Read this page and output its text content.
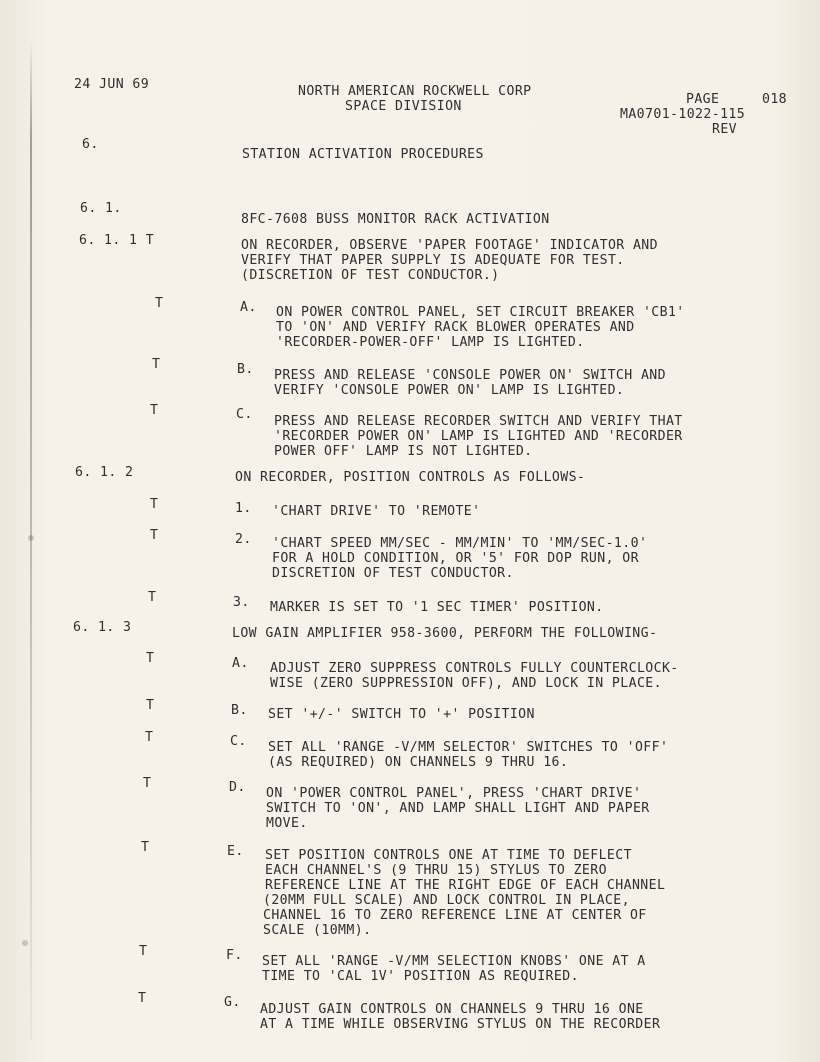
24 JUN 69	NORTH AMERICAN ROCKWELL CORP
SPACE DIVISION	PAGE	018
MA0701-1022-115
REV
6.
STATION ACTIVATION PROCEDURES
6. 1.
8FC-7608 BUSS MONITOR RACK ACTIVATION
6. 1. 1 T	ON RECORDER, OBSERVE 'PAPER FOOTAGE' INDICATOR AND
VERIFY THAT PAPER SUPPLY IS ADEQUATE FOR TEST.
(DISCRETION OF TEST CONDUCTOR.)
T	A. ON POWER CONTROL PANEL, SET CIRCUIT BREAKER 'CB1'
TO 'ON' AND VERIFY RACK BLOWER OPERATES AND
'RECORDER-POWER-OFF' LAMP IS LIGHTED.
T	B. PRESS AND RELEASE 'CONSOLE POWER ON' SWITCH AND
VERIFY 'CONSOLE POWER ON' LAMP IS LIGHTED.
T	C. PRESS AND RELEASE RECORDER SWITCH AND VERIFY THAT
'RECORDER POWER ON' LAMP IS LIGHTED AND 'RECORDER
POWER OFF' LAMP IS NOT LIGHTED.
6. 1. 2	ON RECORDER, POSITION CONTROLS AS FOLLOWS-
T	1. 'CHART DRIVE' TO 'REMOTE'
T	2. 'CHART SPEED MM/SEC - MM/MIN' TO 'MM/SEC-1.0'
FOR A HOLD CONDITION, OR '5' FOR DOP RUN, OR
DISCRETION OF TEST CONDUCTOR.
T	3. MARKER IS SET TO '1 SEC TIMER' POSITION.
6. 1. 3	LOW GAIN AMPLIFIER 958-3600, PERFORM THE FOLLOWING-
T	A. ADJUST ZERO SUPPRESS CONTROLS FULLY COUNTERCLOCK-
WISE (ZERO SUPPRESSION OFF), AND LOCK IN PLACE.
T	B. SET '+/-' SWITCH TO '+' POSITION
T	C. SET ALL 'RANGE -V/MM SELECTOR' SWITCHES TO 'OFF'
(AS REQUIRED) ON CHANNELS 9 THRU 16.
T	D. ON 'POWER CONTROL PANEL', PRESS 'CHART DRIVE'
SWITCH TO 'ON', AND LAMP SHALL LIGHT AND PAPER
MOVE.
T	E. SET POSITION CONTROLS ONE AT TIME TO DEFLECT
EACH CHANNEL'S (9 THRU 15) STYLUS TO ZERO
REFERENCE LINE AT THE RIGHT EDGE OF EACH CHANNEL
(20MM FULL SCALE) AND LOCK CONTROL IN PLACE,
CHANNEL 16 TO ZERO REFERENCE LINE AT CENTER OF
SCALE (10MM).
T	F. SET ALL 'RANGE -V/MM SELECTION KNOBS' ONE AT A
TIME TO 'CAL 1V' POSITION AS REQUIRED.
T	G. ADJUST GAIN CONTROLS ON CHANNELS 9 THRU 16 ONE
AT A TIME WHILE OBSERVING STYLUS ON THE RECORDER
